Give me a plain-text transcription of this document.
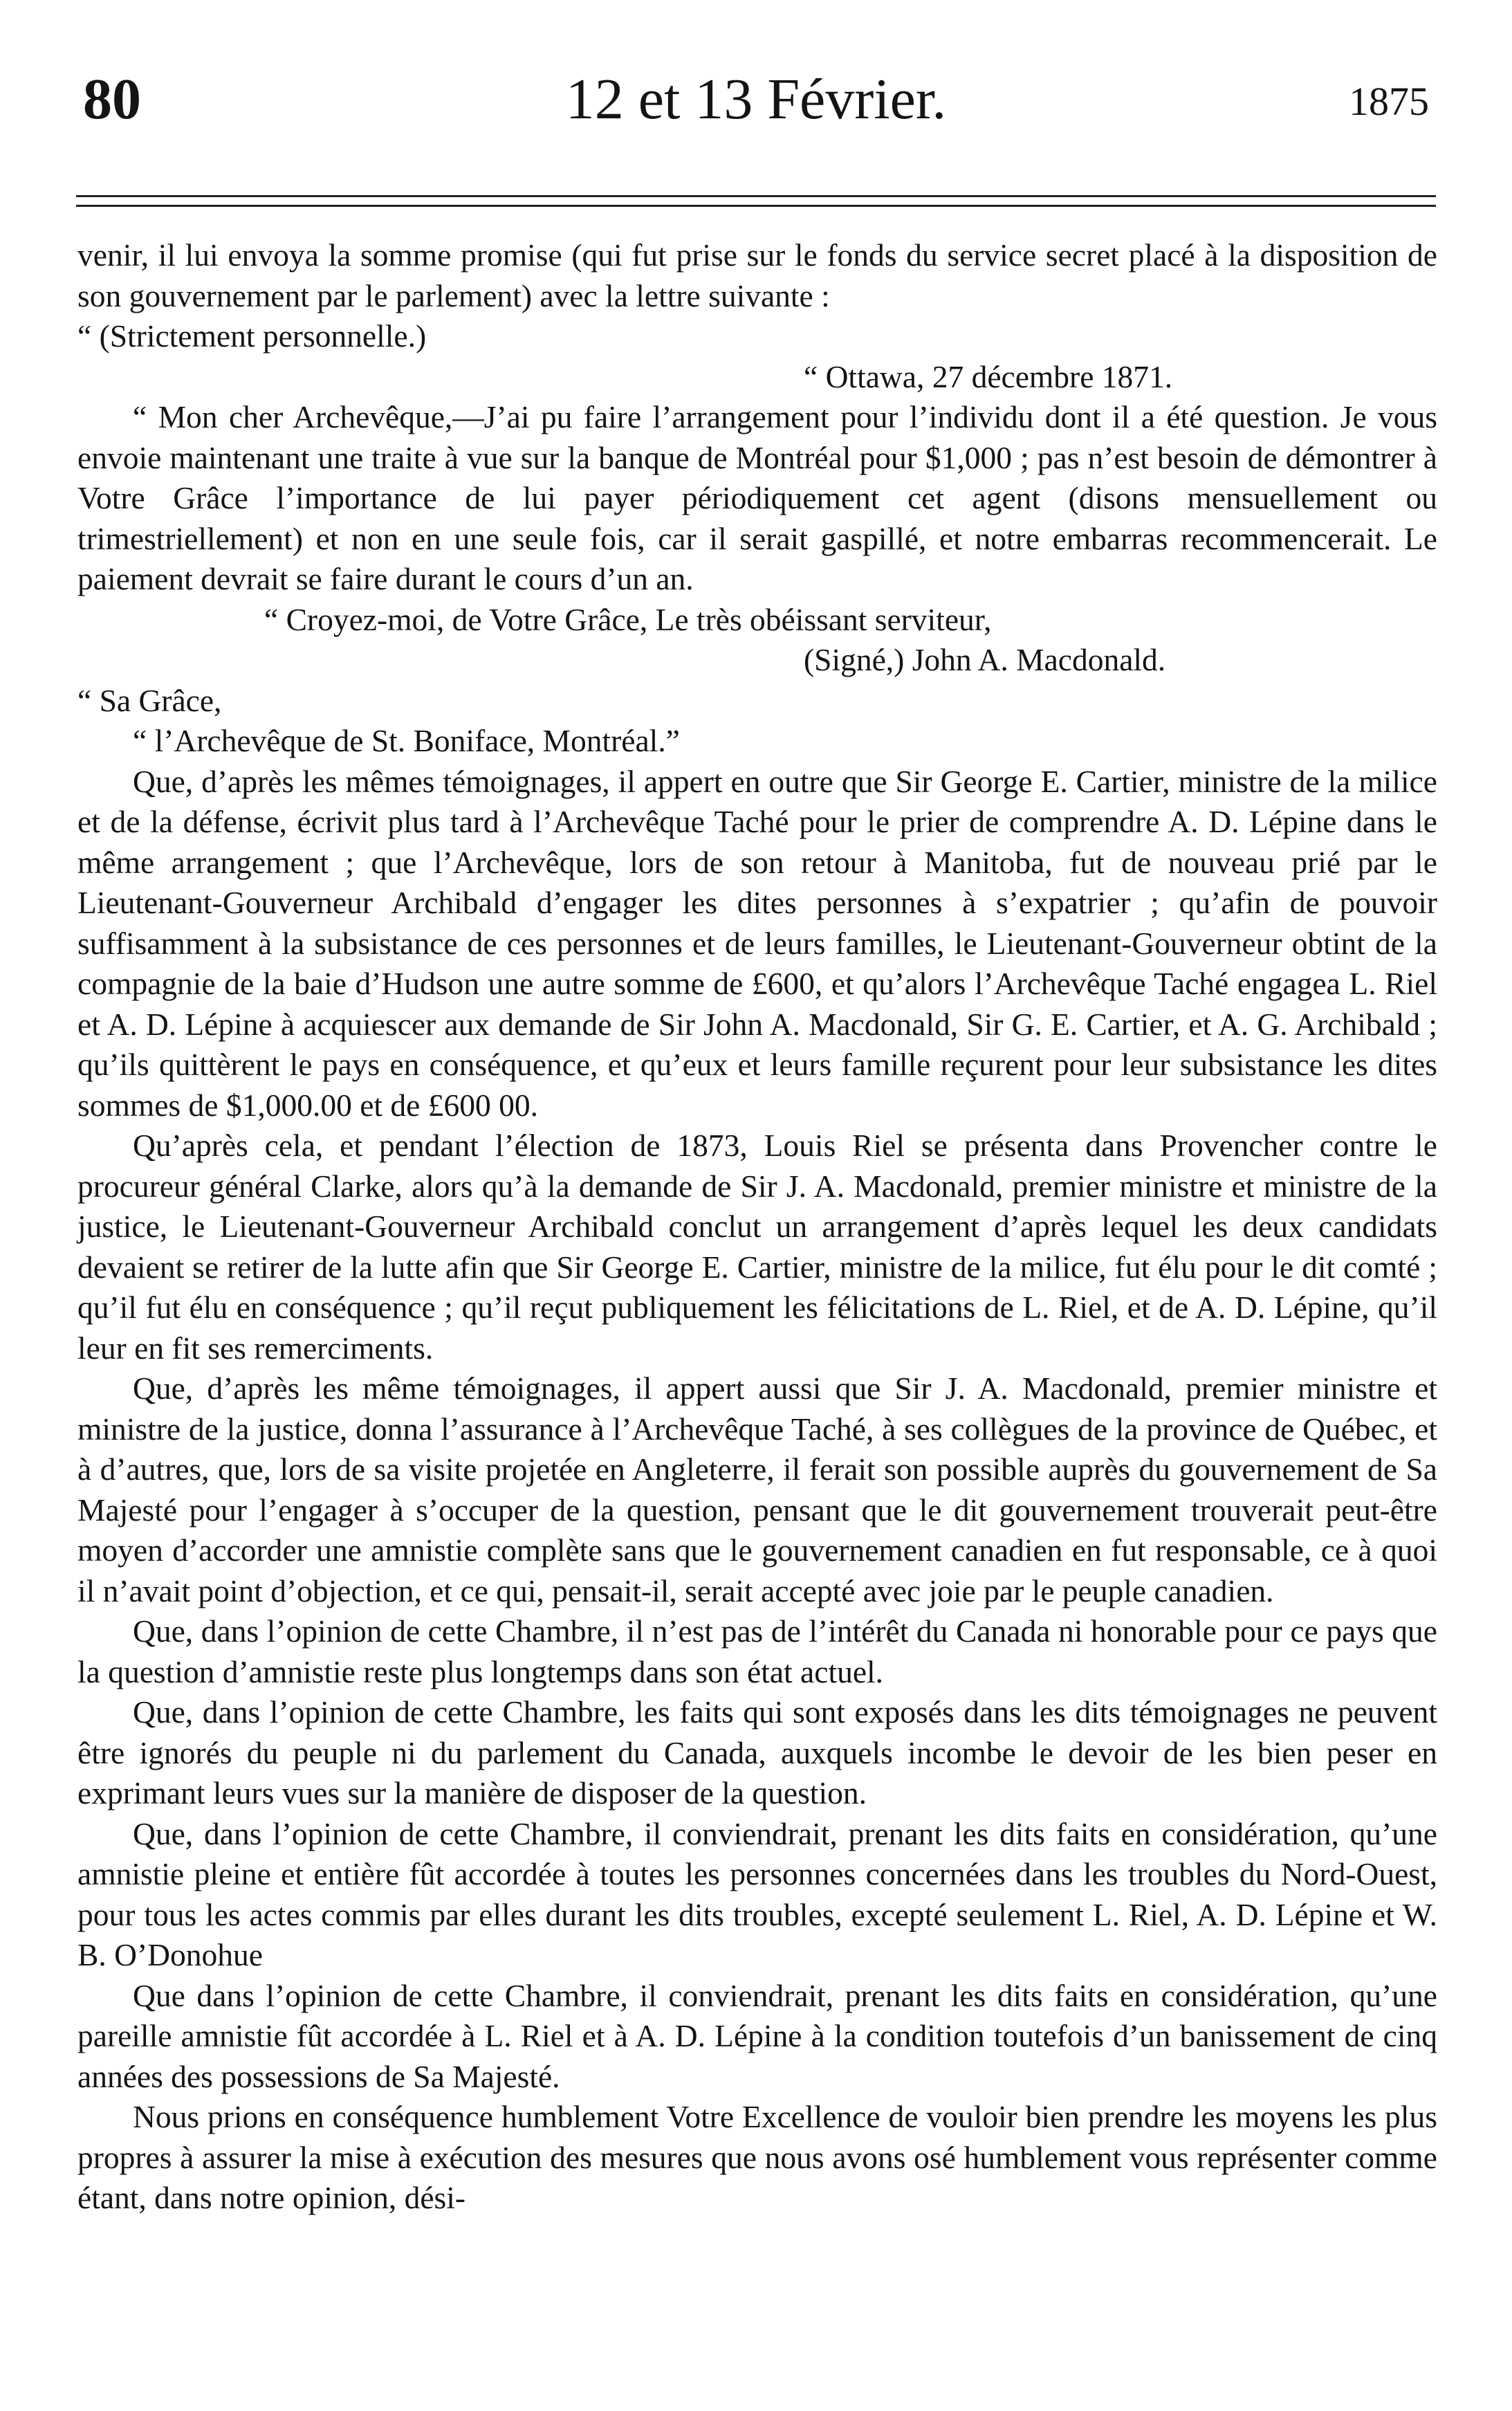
80	12 et 13 Février.	1875

venir, il lui envoya la somme promise (qui fut prise sur le fonds du service secret placé à la disposition de son gouvernement par le parlement) avec la lettre suivante :

“ (Strictement personnelle.)

“ Ottawa, 27 décembre 1871.

“ Mon cher Archevêque,—J’ai pu faire l’arrangement pour l’individu dont il a été question. Je vous envoie maintenant une traite à vue sur la banque de Montréal pour $1,000 ; pas n’est besoin de démontrer à Votre Grâce l’importance de lui payer périodiquement cet agent (disons mensuellement ou trimestriellement) et non en une seule fois, car il serait gaspillé, et notre embarras recommencerait. Le paiement devrait se faire durant le cours d’un an.

“ Croyez-moi, de Votre Grâce, Le très obéissant serviteur,

(Signé,) John A. Macdonald.

“ Sa Grâce,

“ l’Archevêque de St. Boniface, Montréal.”

Que, d’après les mêmes témoignages, il appert en outre que Sir George E. Cartier, ministre de la milice et de la défense, écrivit plus tard à l’Archevêque Taché pour le prier de comprendre A. D. Lépine dans le même arrangement ; que l’Archevêque, lors de son retour à Manitoba, fut de nouveau prié par le Lieutenant-Gouverneur Archibald d’engager les dites personnes à s’expatrier ; qu’afin de pouvoir suffisamment à la subsistance de ces personnes et de leurs familles, le Lieutenant-Gouverneur obtint de la compagnie de la baie d’Hudson une autre somme de £600, et qu’alors l’Archevêque Taché engagea L. Riel et A. D. Lépine à acquiescer aux demande de Sir John A. Macdonald, Sir G. E. Cartier, et A. G. Archibald ; qu’ils quittèrent le pays en conséquence, et qu’eux et leurs famille reçurent pour leur subsistance les dites sommes de $1,000.00 et de £600 00.

Qu’après cela, et pendant l’élection de 1873, Louis Riel se présenta dans Provencher contre le procureur général Clarke, alors qu’à la demande de Sir J. A. Macdonald, premier ministre et ministre de la justice, le Lieutenant-Gouverneur Archibald conclut un arrangement d’après lequel les deux candidats devaient se retirer de la lutte afin que Sir George E. Cartier, ministre de la milice, fut élu pour le dit comté ; qu’il fut élu en conséquence ; qu’il reçut publiquement les félicitations de L. Riel, et de A. D. Lépine, qu’il leur en fit ses remerciments.

Que, d’après les même témoignages, il appert aussi que Sir J. A. Macdonald, premier ministre et ministre de la justice, donna l’assurance à l’Archevêque Taché, à ses collègues de la province de Québec, et à d’autres, que, lors de sa visite projetée en Angleterre, il ferait son possible auprès du gouvernement de Sa Majesté pour l’engager à s’occuper de la question, pensant que le dit gouvernement trouverait peut-être moyen d’accorder une amnistie complète sans que le gouvernement canadien en fut responsable, ce à quoi il n’avait point d’objection, et ce qui, pensait-il, serait accepté avec joie par le peuple canadien.

Que, dans l’opinion de cette Chambre, il n’est pas de l’intérêt du Canada ni honorable pour ce pays que la question d’amnistie reste plus longtemps dans son état actuel.

Que, dans l’opinion de cette Chambre, les faits qui sont exposés dans les dits témoignages ne peuvent être ignorés du peuple ni du parlement du Canada, auxquels incombe le devoir de les bien peser en exprimant leurs vues sur la manière de disposer de la question.

Que, dans l’opinion de cette Chambre, il conviendrait, prenant les dits faits en considération, qu’une amnistie pleine et entière fût accordée à toutes les personnes concernées dans les troubles du Nord-Ouest, pour tous les actes commis par elles durant les dits troubles, excepté seulement L. Riel, A. D. Lépine et W. B. O’Donohue

Que dans l’opinion de cette Chambre, il conviendrait, prenant les dits faits en considération, qu’une pareille amnistie fût accordée à L. Riel et à A. D. Lépine à la condition toutefois d’un banissement de cinq années des possessions de Sa Majesté.

Nous prions en conséquence humblement Votre Excellence de vouloir bien prendre les moyens les plus propres à assurer la mise à exécution des mesures que nous avons osé humblement vous représenter comme étant, dans notre opinion, dési-
